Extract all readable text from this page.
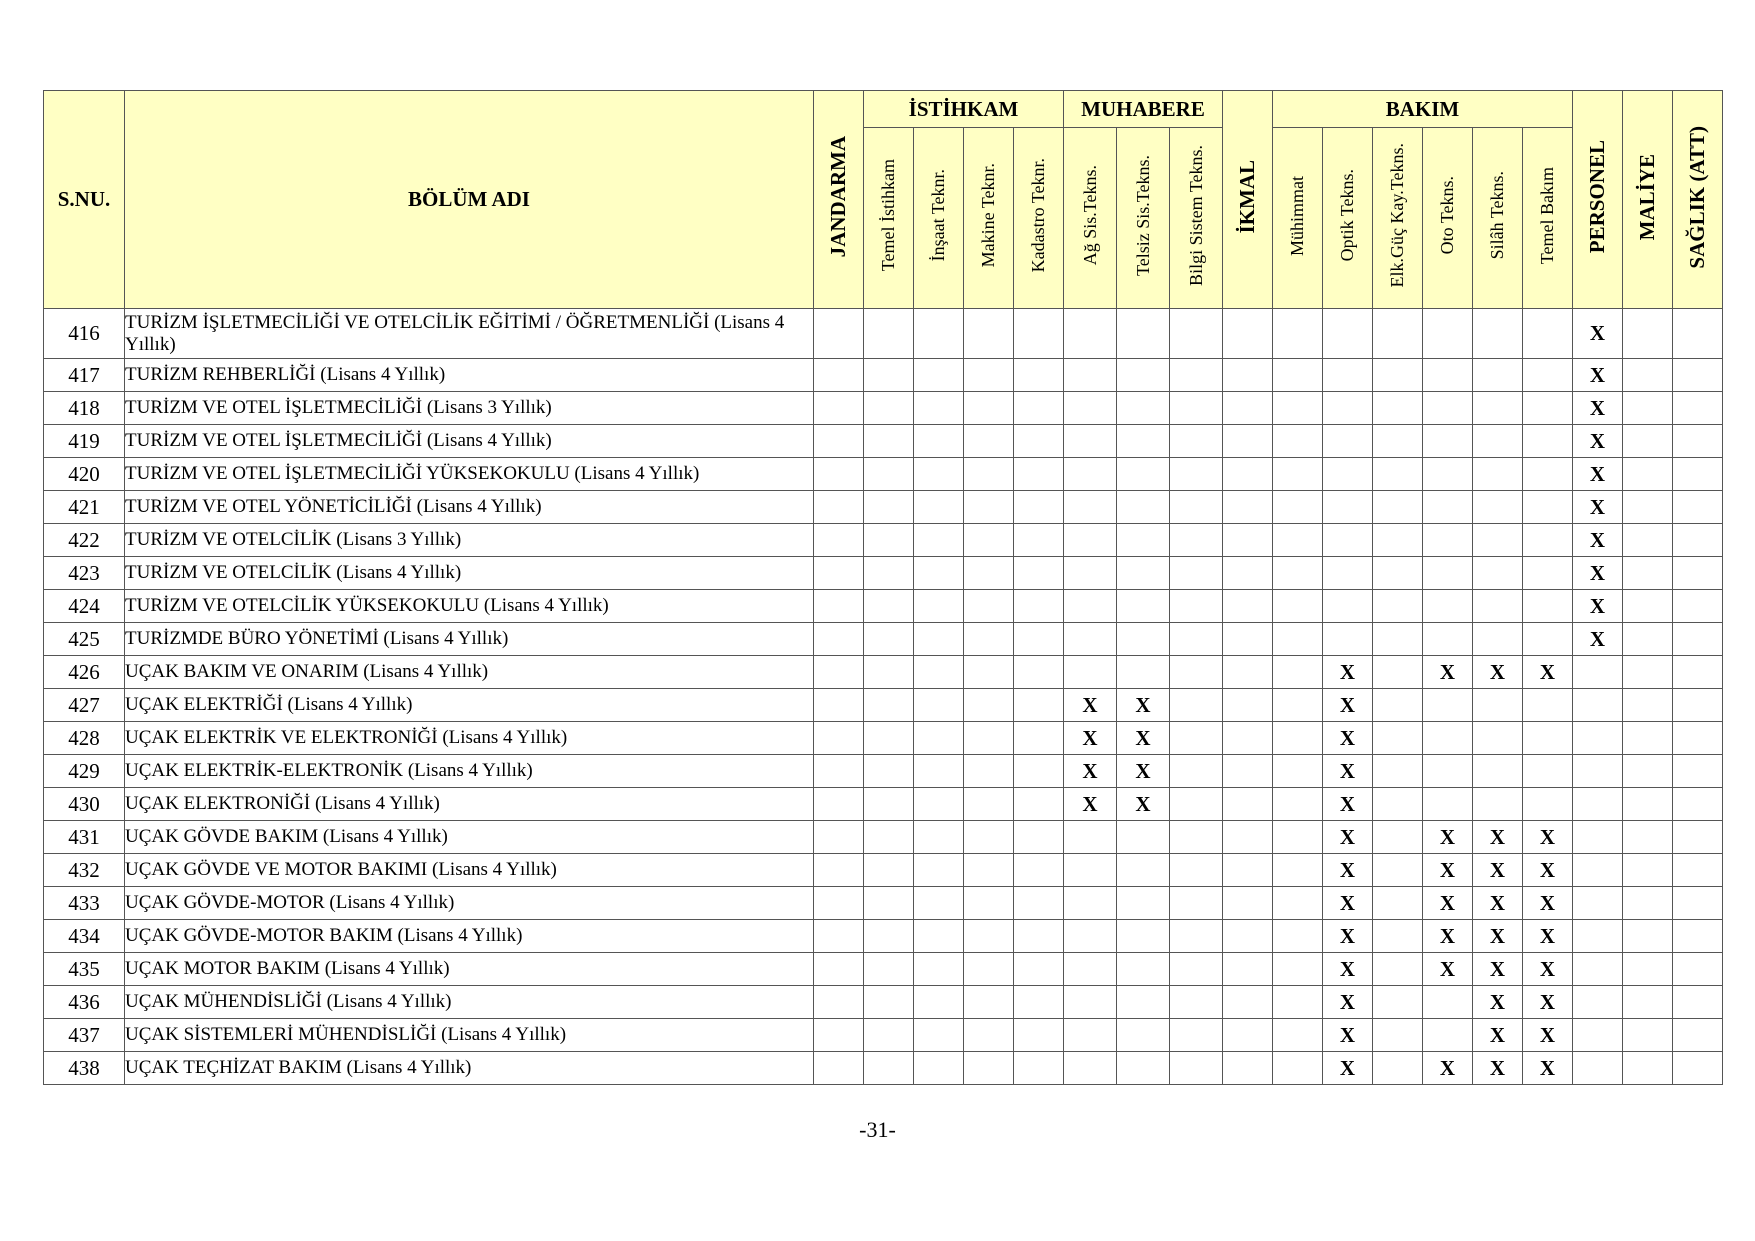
S.NU.	BÖLÜM ADI	JANDARMA	İSTİHKAM				MUHABERE			İKMAL	BAKIM						PERSONEL	MALİYE	SAĞLIK (ATT)
			Temel İstihkam	İnşaat Teknr.	Makine Teknr.	Kadastro Teknr.	Ağ Sis.Tekns.	Telsiz Sis.Tekns.	Bilgi Sistem Tekns.		Mühimmat	Optik Tekns.	Elk.Güç Kay.Tekns.	Oto Tekns.	Silâh Tekns.	Temel Bakım			
416	TURİZM İŞLETMECİLİĞİ VE OTELCİLİK EĞİTİMİ / ÖĞRETMENLİĞİ (Lisans 4 Yıllık)																X		
417	TURİZM REHBERLİĞİ (Lisans 4 Yıllık)																X		
418	TURİZM VE OTEL İŞLETMECİLİĞİ (Lisans 3 Yıllık)																X		
419	TURİZM VE OTEL İŞLETMECİLİĞİ (Lisans 4 Yıllık)																X		
420	TURİZM VE OTEL İŞLETMECİLİĞİ YÜKSEKOKULU (Lisans 4 Yıllık)																X		
421	TURİZM VE OTEL YÖNETİCİLİĞİ (Lisans 4 Yıllık)																X		
422	TURİZM VE OTELCİLİK (Lisans 3 Yıllık)																X		
423	TURİZM VE OTELCİLİK (Lisans 4 Yıllık)																X		
424	TURİZM VE OTELCİLİK YÜKSEKOKULU (Lisans 4 Yıllık)																X		
425	TURİZMDE BÜRO YÖNETİMİ (Lisans 4 Yıllık)																X		
426	UÇAK BAKIM VE ONARIM (Lisans 4 Yıllık)											X		X	X	X			
427	UÇAK ELEKTRİĞİ (Lisans 4 Yıllık)						X	X				X							
428	UÇAK ELEKTRİK VE ELEKTRONİĞİ (Lisans 4 Yıllık)						X	X				X							
429	UÇAK ELEKTRİK-ELEKTRONİK (Lisans 4 Yıllık)						X	X				X							
430	UÇAK ELEKTRONİĞİ (Lisans 4 Yıllık)						X	X				X							
431	UÇAK GÖVDE BAKIM (Lisans 4 Yıllık)											X		X	X	X			
432	UÇAK GÖVDE VE MOTOR BAKIMI (Lisans 4 Yıllık)											X		X	X	X			
433	UÇAK GÖVDE-MOTOR (Lisans 4 Yıllık)											X		X	X	X			
434	UÇAK GÖVDE-MOTOR BAKIM (Lisans 4 Yıllık)											X		X	X	X			
435	UÇAK MOTOR BAKIM (Lisans 4 Yıllık)											X		X	X	X			
436	UÇAK MÜHENDİSLİĞİ (Lisans 4 Yıllık)											X			X	X			
437	UÇAK SİSTEMLERİ MÜHENDİSLİĞİ (Lisans 4 Yıllık)											X			X	X			
438	UÇAK TEÇHİZAT BAKIM (Lisans 4 Yıllık)											X		X	X	X			
-31-
